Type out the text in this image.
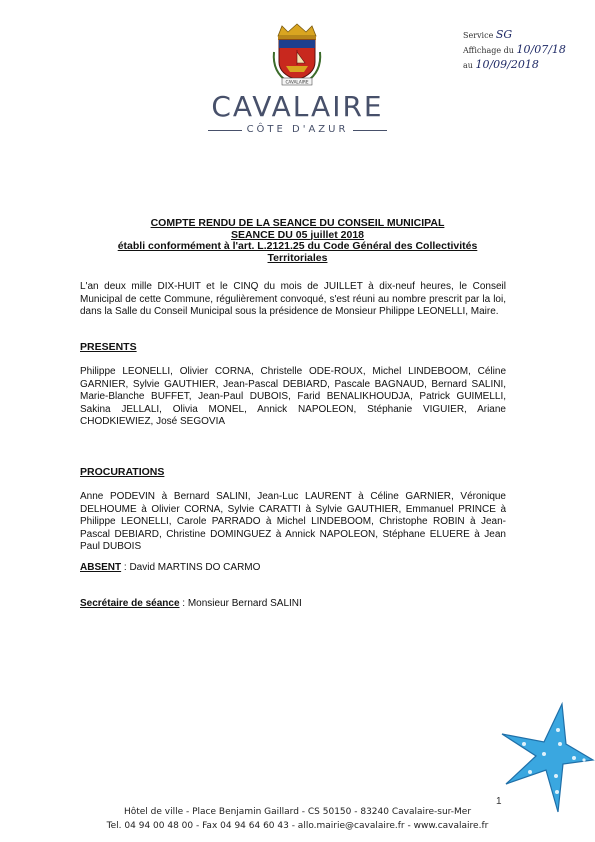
CAVALAIRE
CAVALAIRE
CÔTE D'AZUR
Service SG
Affichage du 10/07/18
au 10/09/2018
COMPTE RENDU DE LA SEANCE DU CONSEIL MUNICIPAL
SEANCE DU 05 juillet 2018
établi conformément à l'art. L.2121.25 du Code Général des Collectivités
Territoriales
L'an deux mille DIX-HUIT et le CINQ du mois de JUILLET à dix-neuf heures, le Conseil Municipal de cette Commune, régulièrement convoqué, s'est réuni au nombre prescrit par la loi, dans la Salle du Conseil Municipal sous la présidence de Monsieur Philippe LEONELLI, Maire.
PRESENTS
Philippe LEONELLI, Olivier CORNA, Christelle ODE-ROUX, Michel LINDEBOOM, Céline GARNIER, Sylvie GAUTHIER, Jean-Pascal DEBIARD, Pascale BAGNAUD, Bernard SALINI, Marie-Blanche BUFFET, Jean-Paul DUBOIS, Farid BENALIKHOUDJA, Patrick GUIMELLI, Sakina JELLALI, Olivia MONEL, Annick NAPOLEON, Stéphanie VIGUIER, Ariane CHODKIEWIEZ, José SEGOVIA
PROCURATIONS
Anne PODEVIN à Bernard SALINI, Jean-Luc LAURENT à Céline GARNIER, Véronique DELHOUME à Olivier CORNA, Sylvie CARATTI à Sylvie GAUTHIER, Emmanuel PRINCE à Philippe LEONELLI, Carole PARRADO à Michel LINDEBOOM, Christophe ROBIN à Jean-Pascal DEBIARD, Christine DOMINGUEZ à Annick NAPOLEON, Stéphane ELUERE à Jean Paul DUBOIS
ABSENT : David MARTINS DO CARMO
Secrétaire de séance : Monsieur Bernard SALINI
1
Hôtel de ville - Place Benjamin Gaillard - CS 50150 - 83240 Cavalaire-sur-Mer
Tel. 04 94 00 48 00 - Fax 04 94 64 60 43 - allo.mairie@cavalaire.fr - www.cavalaire.fr
